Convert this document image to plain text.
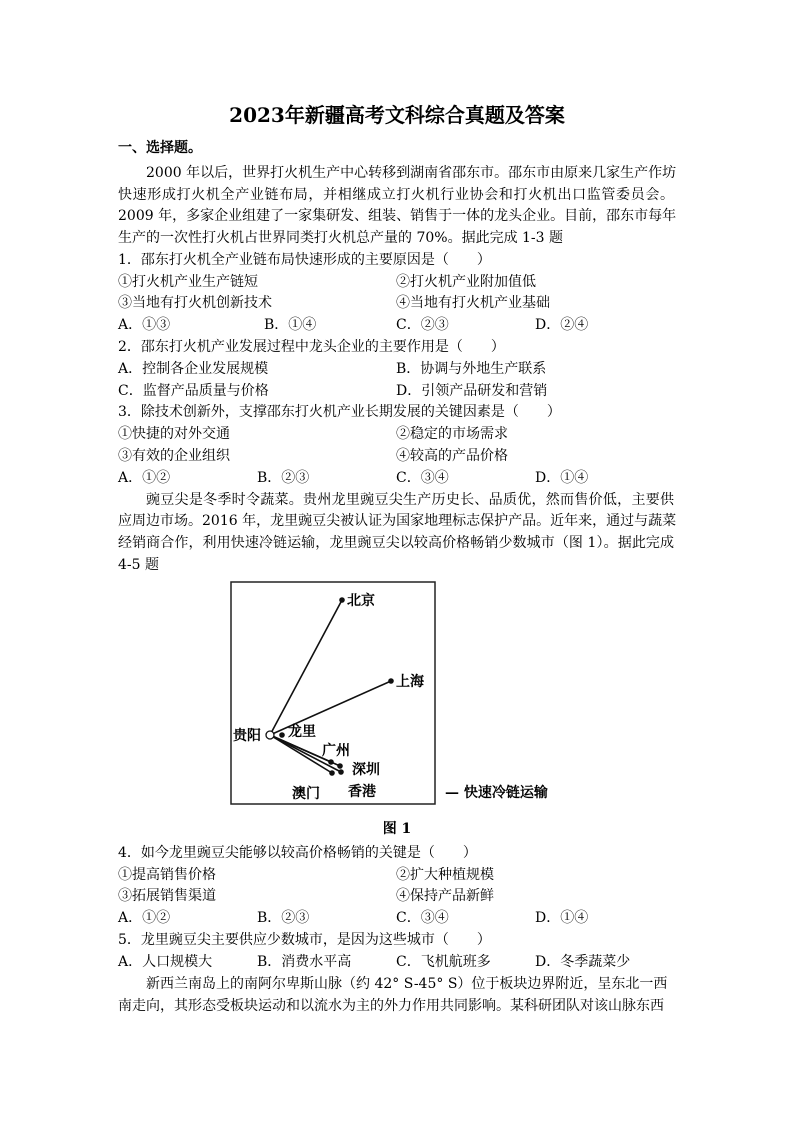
2023年新疆高考文科综合真题及答案
一、选择题。
2000 年以后，世界打火机生产中心转移到湖南省邵东市。邵东市由原来几家生产作坊
快速形成打火机全产业链布局，并相继成立打火机行业协会和打火机出口监管委员会。
2009 年，多家企业组建了一家集研发、组装、销售于一体的龙头企业。目前，邵东市每年
生产的一次性打火机占世界同类打火机总产量的 70%。据此完成 1-3 题
1．邵东打火机全产业链布局快速形成的主要原因是（　　）
①打火机产业生产链短	②打火机产业附加值低
③当地有打火机创新技术	④当地有打火机产业基础
A．①③	B．①④	C．②③	D．②④
2．邵东打火机产业发展过程中龙头企业的主要作用是（　　）
A．控制各企业发展规模	B．协调与外地生产联系
C．监督产品质量与价格	D．引领产品研发和营销
3．除技术创新外，支撑邵东打火机产业长期发展的关键因素是（　　）
①快捷的对外交通	②稳定的市场需求
③有效的企业组织	④较高的产品价格
A．①②	B．②③	C．③④	D．①④
豌豆尖是冬季时令蔬菜。贵州龙里豌豆尖生产历史长、品质优，然而售价低，主要供
应周边市场。2016 年，龙里豌豆尖被认证为国家地理标志保护产品。近年来，通过与蔬菜
经销商合作，利用快速冷链运输，龙里豌豆尖以较高价格畅销少数城市（图 1）。据此完成
4-5 题
北京
上海
贵阳 龙里
广州
深圳
香港
澳门	— 快速冷链运输
图 1
4．如今龙里豌豆尖能够以较高价格畅销的关键是（　　）
①提高销售价格	②扩大种植规模
③拓展销售渠道	④保持产品新鲜
A．①②	B．②③	C．③④	D．①④
5．龙里豌豆尖主要供应少数城市，是因为这些城市（　　）
A．人口规模大	B．消费水平高	C．飞机航班多	D．冬季蔬菜少
新西兰南岛上的南阿尔卑斯山脉（约 42° S-45° S）位于板块边界附近，呈东北一西
南走向，其形态受板块运动和以流水为主的外力作用共同影响。某科研团队对该山脉东西
